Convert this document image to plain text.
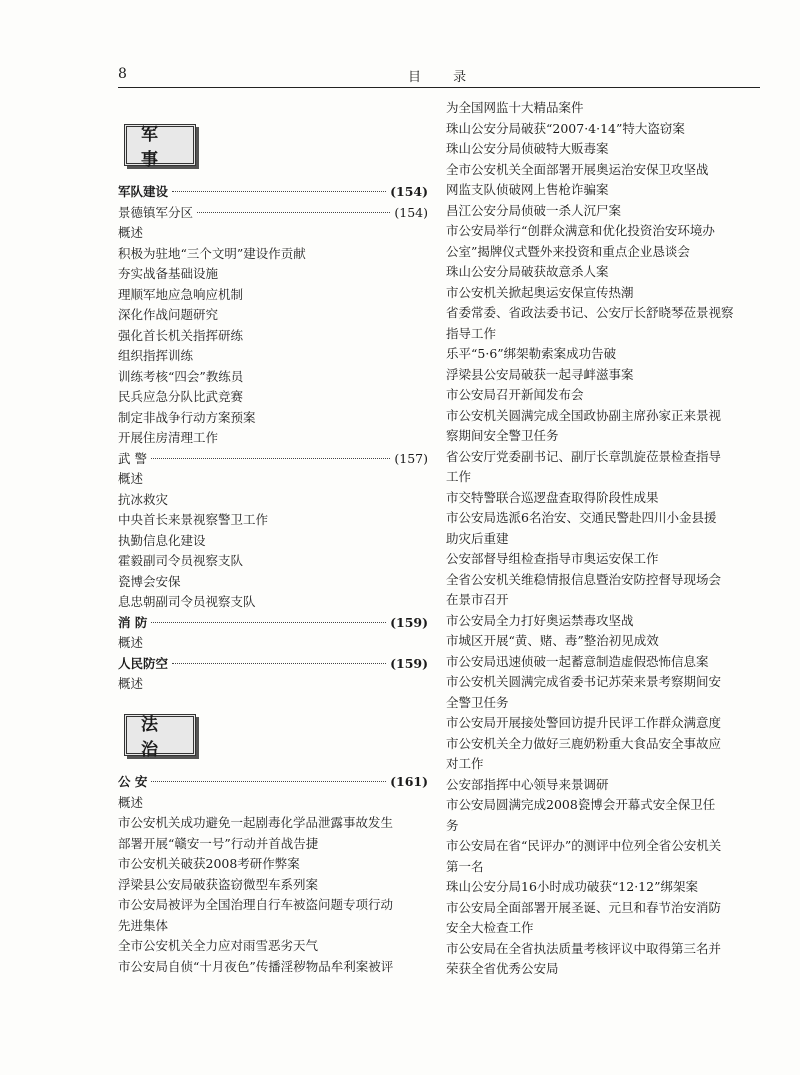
8	目 录
军 事
法 治
军队建设	(154)
景德镇军分区	(154)
概述
积极为驻地“三个文明”建设作贡献
夯实战备基础设施
理顺军地应急响应机制
深化作战问题研究
强化首长机关指挥研练
组织指挥训练
训练考核“四会”教练员
民兵应急分队比武竞赛
制定非战争行动方案预案
开展住房清理工作
武 警	(157)
概述
抗冰救灾
中央首长来景视察警卫工作
执勤信息化建设
霍毅副司令员视察支队
瓷博会安保
息忠朝副司令员视察支队
消 防	(159)
概述
人民防空	(159)
概述
公 安	(161)
概述
市公安机关成功避免一起剧毒化学品泄露事故发生
部署开展“赣安一号”行动并首战告捷
市公安机关破获2008考研作弊案
浮梁县公安局破获盗窃微型车系列案
市公安局被评为全国治理自行车被盗问题专项行动
先进集体
全市公安机关全力应对雨雪恶劣天气
市公安局自侦“十月夜色”传播淫秽物品牟利案被评
为全国网监十大精品案件
珠山公安分局破获“2007·4·14”特大盗窃案
珠山公安分局侦破特大贩毒案
全市公安机关全面部署开展奥运治安保卫攻坚战
网监支队侦破网上售枪诈骗案
昌江公安分局侦破一杀人沉尸案
市公安局举行“创群众满意和优化投资治安环境办
公室”揭牌仪式暨外来投资和重点企业恳谈会
珠山公安分局破获故意杀人案
市公安机关掀起奥运安保宣传热潮
省委常委、省政法委书记、公安厅长舒晓琴莅景视察
指导工作
乐平“5·6”绑架勒索案成功告破
浮梁县公安局破获一起寻衅滋事案
市公安局召开新闻发布会
市公安机关圆满完成全国政协副主席孙家正来景视
察期间安全警卫任务
省公安厅党委副书记、副厅长章凯旋莅景检查指导
工作
市交特警联合巡逻盘查取得阶段性成果
市公安局选派6名治安、交通民警赴四川小金县援
助灾后重建
公安部督导组检查指导市奥运安保工作
全省公安机关维稳情报信息暨治安防控督导现场会
在景市召开
市公安局全力打好奥运禁毒攻坚战
市城区开展“黄、赌、毒”整治初见成效
市公安局迅速侦破一起蓄意制造虚假恐怖信息案
市公安机关圆满完成省委书记苏荣来景考察期间安
全警卫任务
市公安局开展接处警回访提升民评工作群众满意度
市公安机关全力做好三鹿奶粉重大食品安全事故应
对工作
公安部指挥中心领导来景调研
市公安局圆满完成2008瓷博会开幕式安全保卫任
务
市公安局在省“民评办”的测评中位列全省公安机关
第一名
珠山公安分局16小时成功破获“12·12”绑架案
市公安局全面部署开展圣诞、元旦和春节治安消防
安全大检查工作
市公安局在全省执法质量考核评议中取得第三名并
荣获全省优秀公安局
